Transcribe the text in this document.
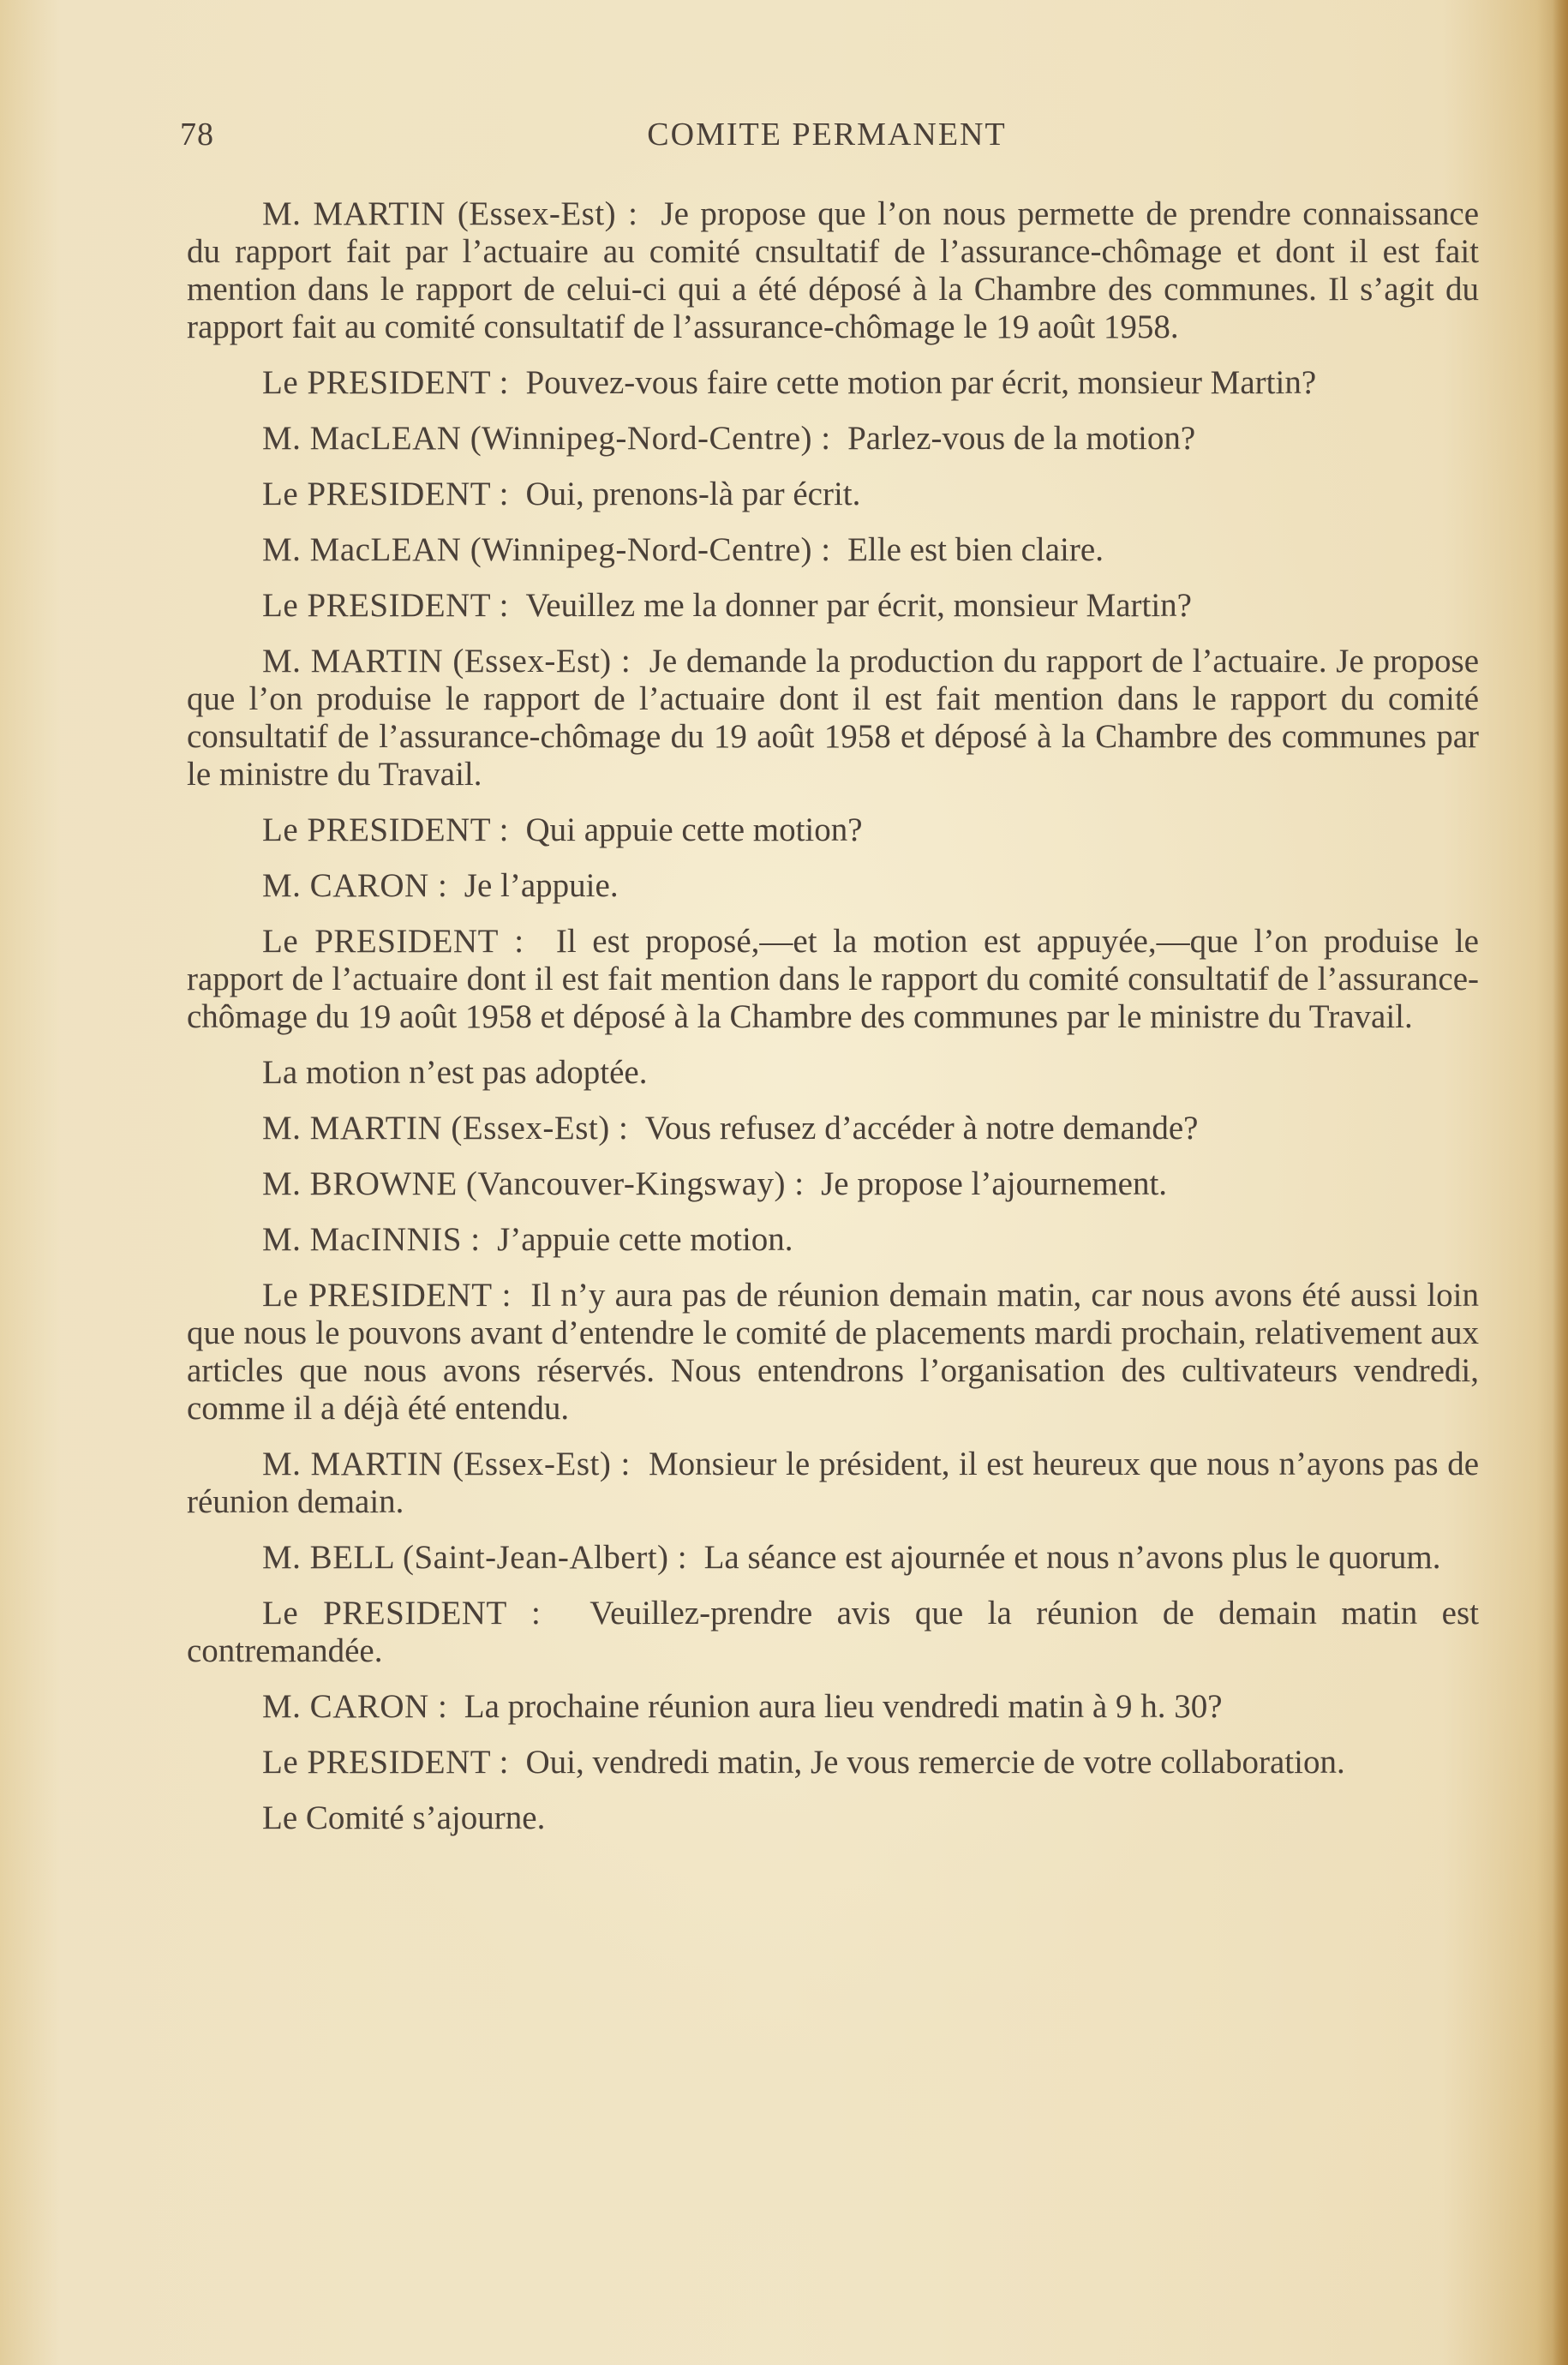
78	COMITE PERMANENT

M. MARTIN (Essex-Est) : Je propose que l’on nous permette de prendre connaissance du rapport fait par l’actuaire au comité cnsultatif de l’assurance-chômage et dont il est fait mention dans le rapport de celui-ci qui a été déposé à la Chambre des communes. Il s’agit du rapport fait au comité consultatif de l’assurance-chômage le 19 août 1958.

Le PRESIDENT : Pouvez-vous faire cette motion par écrit, monsieur Martin?

M. MacLEAN (Winnipeg-Nord-Centre) : Parlez-vous de la motion?

Le PRESIDENT : Oui, prenons-là par écrit.

M. MacLEAN (Winnipeg-Nord-Centre) : Elle est bien claire.

Le PRESIDENT : Veuillez me la donner par écrit, monsieur Martin?

M. MARTIN (Essex-Est) : Je demande la production du rapport de l’actuaire. Je propose que l’on produise le rapport de l’actuaire dont il est fait mention dans le rapport du comité consultatif de l’assurance-chômage du 19 août 1958 et déposé à la Chambre des communes par le ministre du Travail.

Le PRESIDENT : Qui appuie cette motion?

M. CARON : Je l’appuie.

Le PRESIDENT : Il est proposé,—et la motion est appuyée,—que l’on produise le rapport de l’actuaire dont il est fait mention dans le rapport du comité consultatif de l’assurance-chômage du 19 août 1958 et déposé à la Chambre des communes par le ministre du Travail.

La motion n’est pas adoptée.

M. MARTIN (Essex-Est) : Vous refusez d’accéder à notre demande?

M. BROWNE (Vancouver-Kingsway) : Je propose l’ajournement.

M. MacINNIS : J’appuie cette motion.

Le PRESIDENT : Il n’y aura pas de réunion demain matin, car nous avons été aussi loin que nous le pouvons avant d’entendre le comité de placements mardi prochain, relativement aux articles que nous avons réservés. Nous entendrons l’organisation des cultivateurs vendredi, comme il a déjà été entendu.

M. MARTIN (Essex-Est) : Monsieur le président, il est heureux que nous n’ayons pas de réunion demain.

M. BELL (Saint-Jean-Albert) : La séance est ajournée et nous n’avons plus le quorum.

Le PRESIDENT : Veuillez-prendre avis que la réunion de demain matin est contremandée.

M. CARON : La prochaine réunion aura lieu vendredi matin à 9 h. 30?

Le PRESIDENT : Oui, vendredi matin, Je vous remercie de votre collaboration.

Le Comité s’ajourne.
